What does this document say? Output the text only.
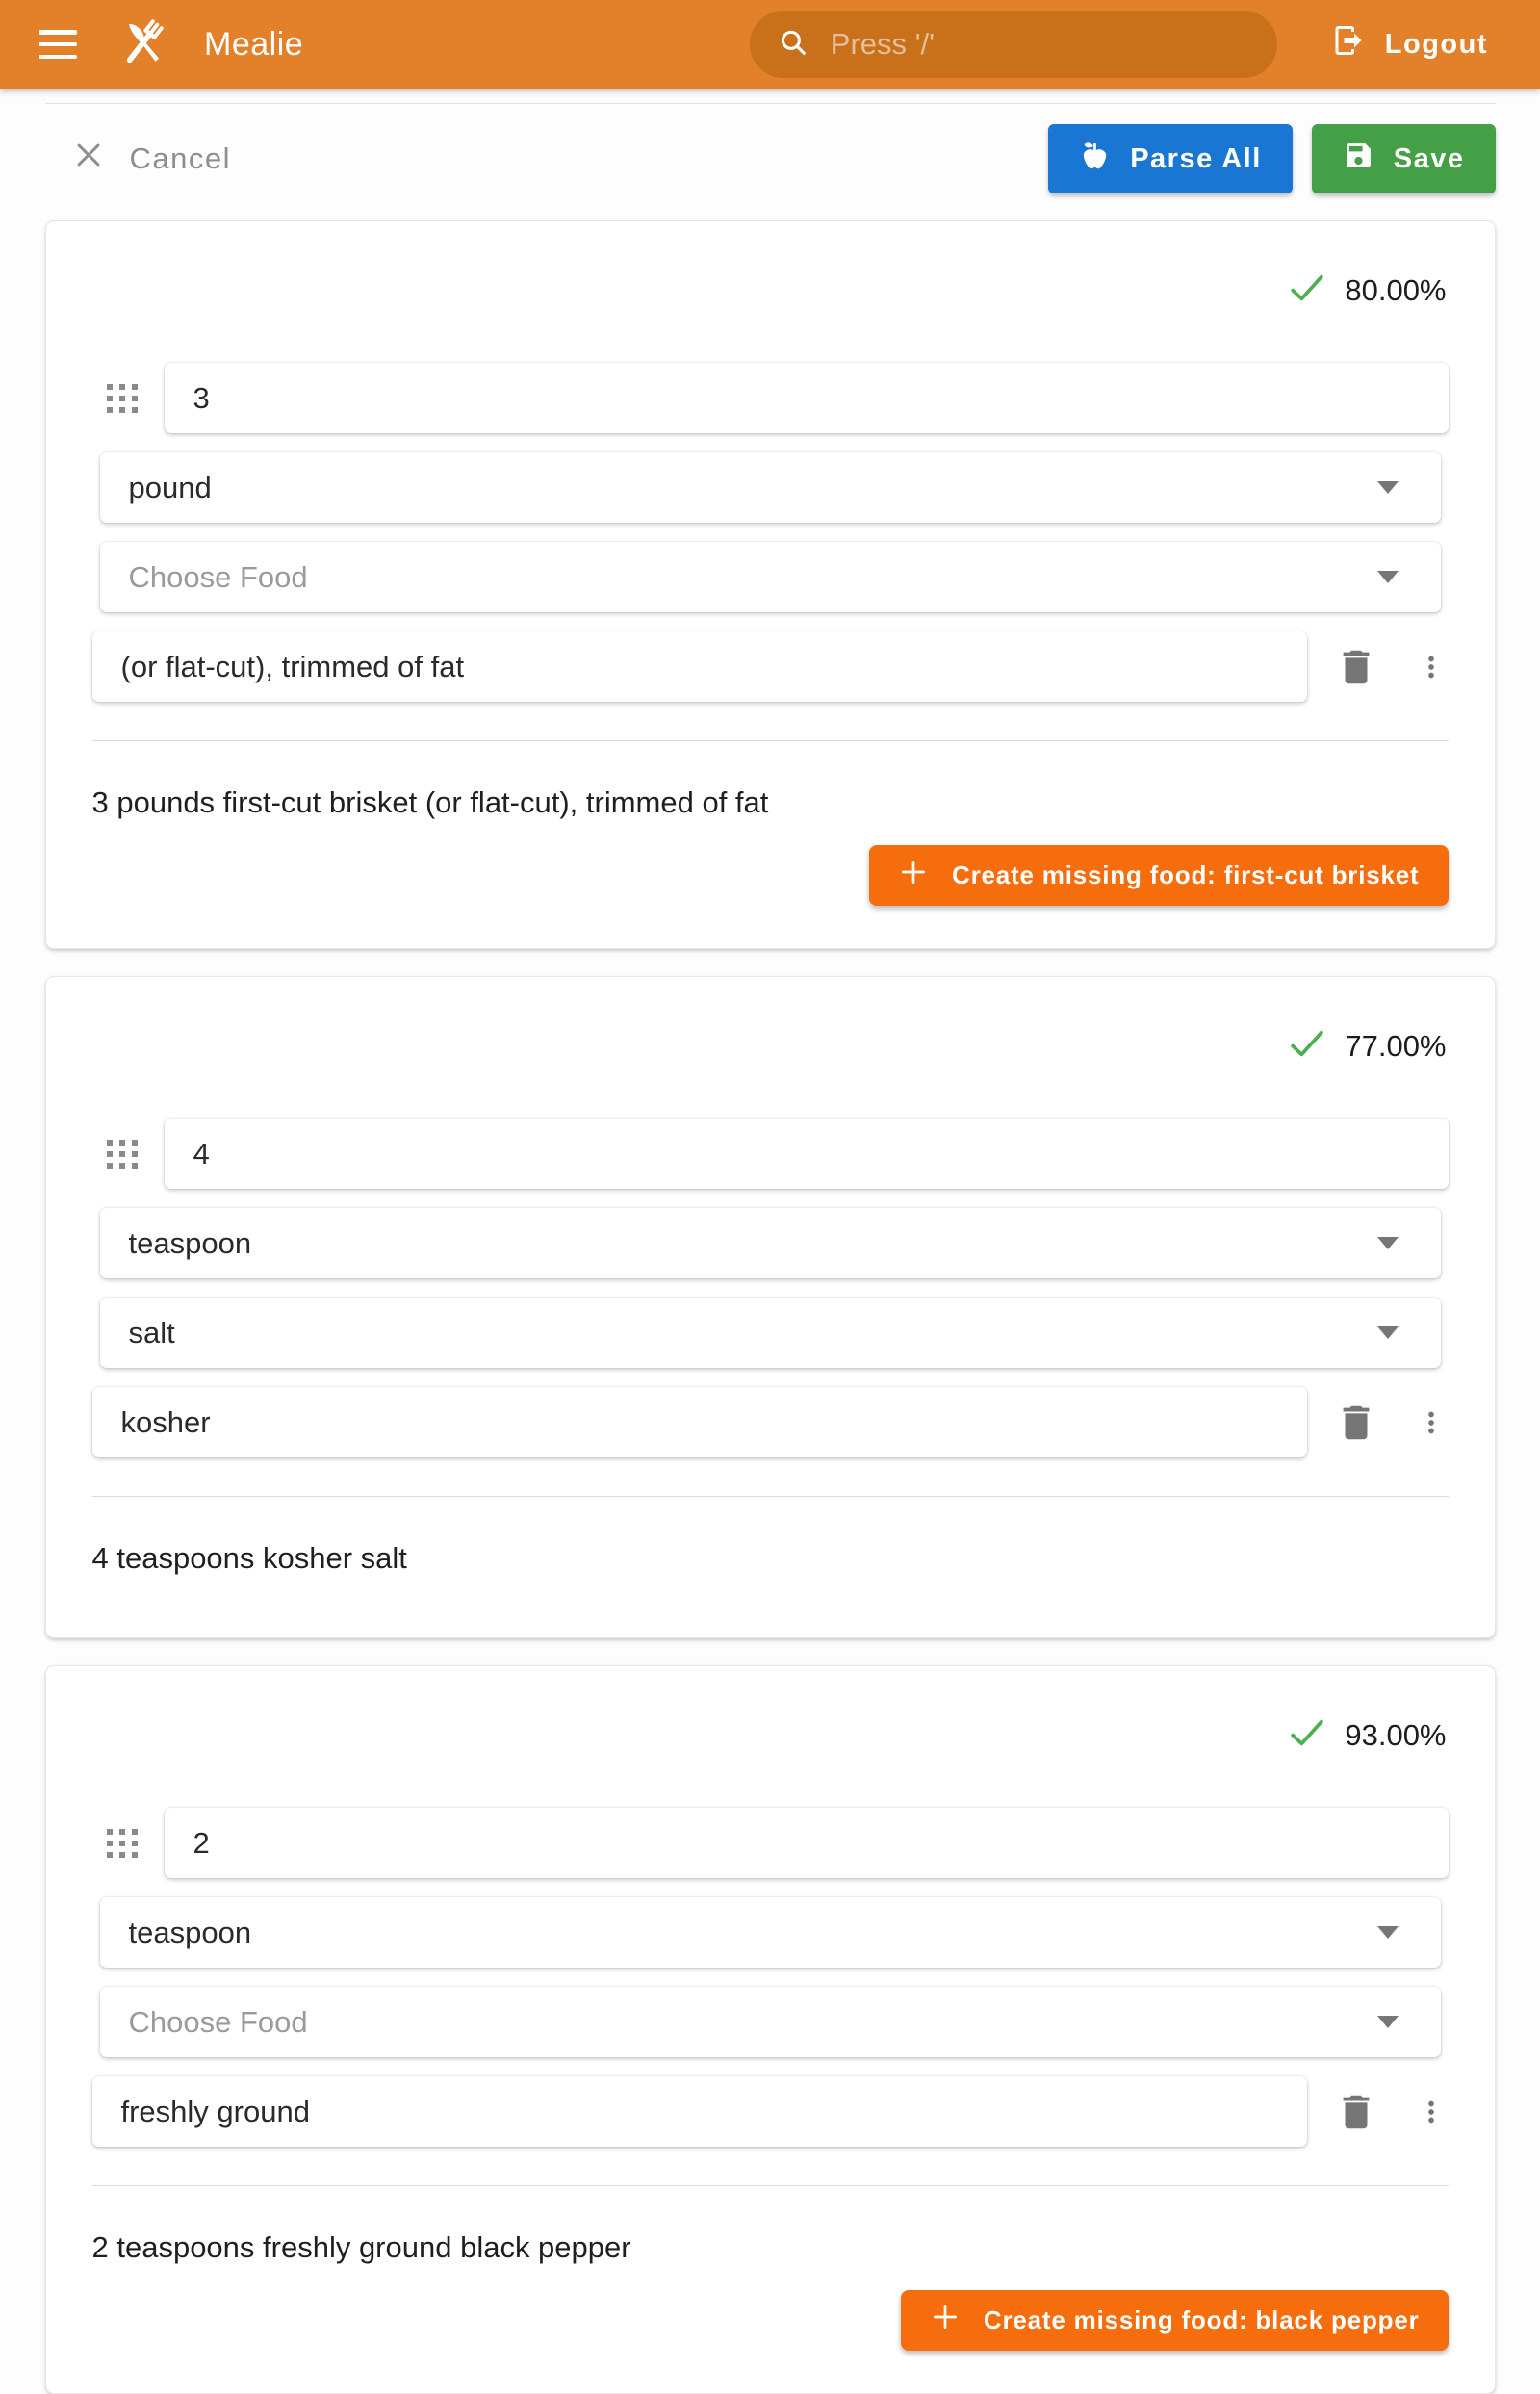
Mealie
Press '/'	Logout
Cancel	Parse All	Save
80.00%
3
pound
Choose Food
(or flat-cut), trimmed of fat

3 pounds first-cut brisket (or flat-cut), trimmed of fat

Create missing food: first-cut brisket
77.00%
4
teaspoon
salt
kosher

4 teaspoons kosher salt

93.00%
2
teaspoon
Choose Food
freshly ground

2 teaspoons freshly ground black pepper

Create missing food: black pepper
